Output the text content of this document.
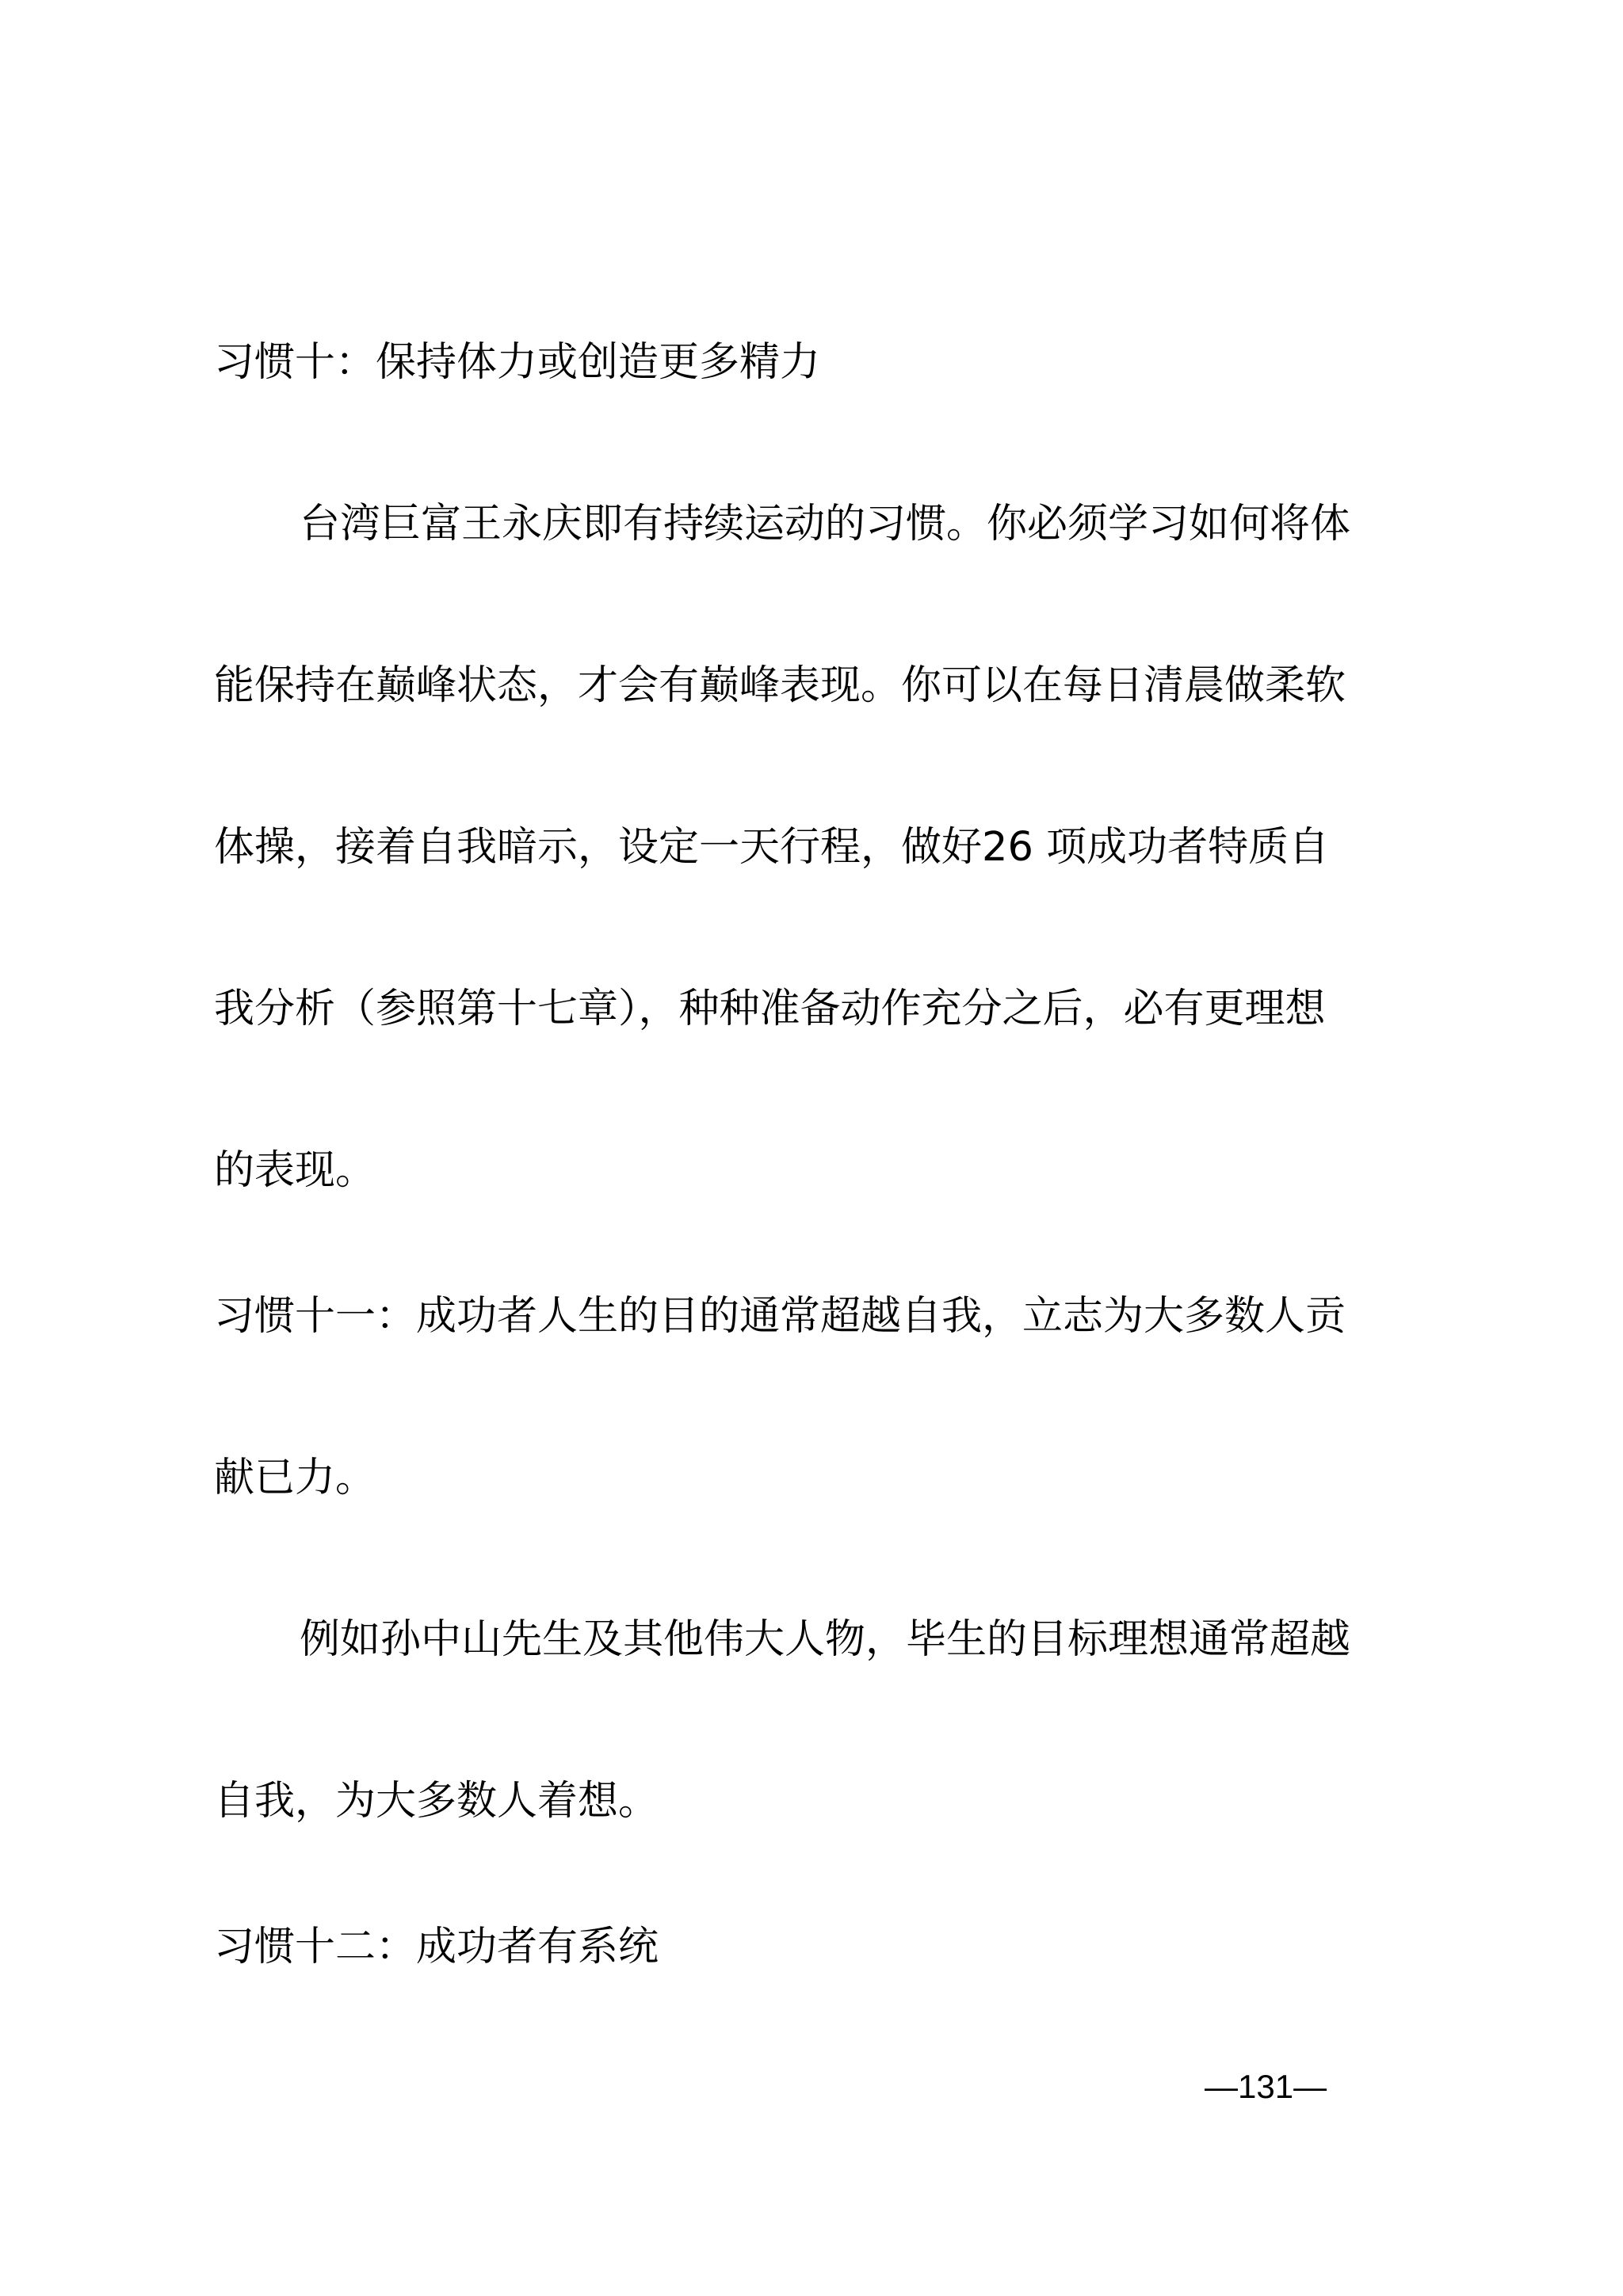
习惯十：保持体力或创造更多精力
台湾巨富王永庆即有持续运动的习惯。你必须学习如何将体
能保持在巅峰状态，才会有巅峰表现。你可以在每日清晨做柔软
体操，接着自我暗示，设定一天行程，做好26 项成功者特质自
我分析（参照第十七章），种种准备动作充分之后，必有更理想
的表现。
习惯十一：成功者人生的目的通常超越自我，立志为大多数人贡
献已力。
例如孙中山先生及其他伟大人物，毕生的目标理想通常超越
自我，为大多数人着想。
习惯十二：成功者有系统
—131—
